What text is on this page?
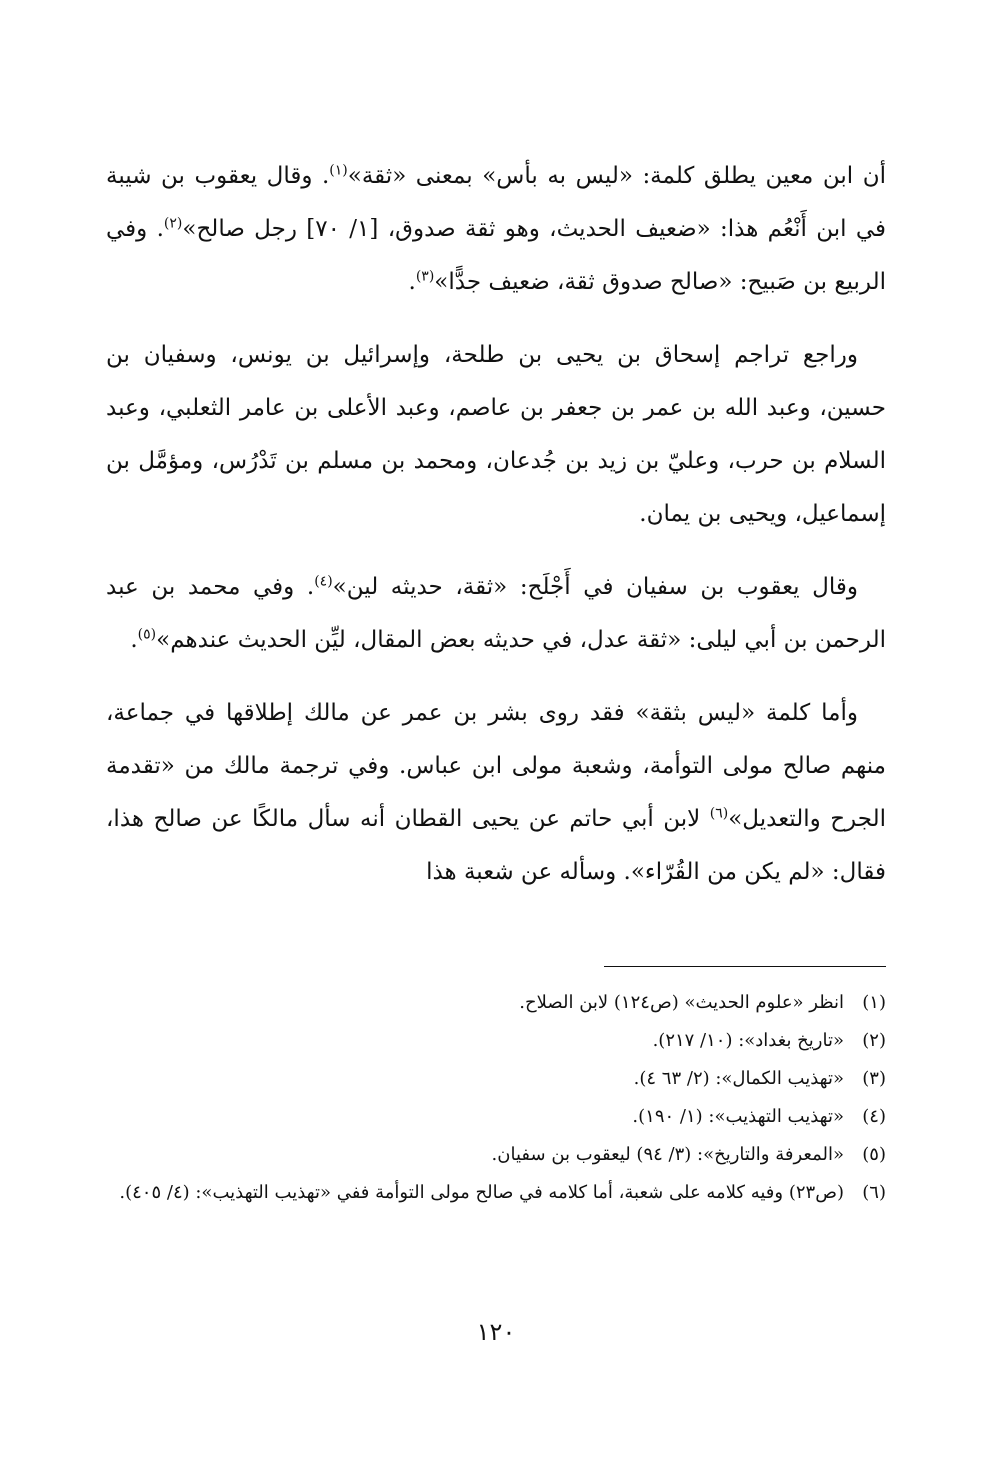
أن ابن معين يطلق كلمة: «ليس به بأس» بمعنى «ثقة»$^{(١)}$. وقال يعقوب بن شيبة في ابن أَنْعُم هذا: «ضعيف الحديث، وهو ثقة صدوق، [١/ ٧٠] رجل صالح»$^{(٢)}$. وفي الربيع بن صَبيح: «صالح صدوق ثقة، ضعيف جدًّا»$^{(٣)}$.

وراجع تراجم إسحاق بن يحيى بن طلحة، وإسرائيل بن يونس، وسفيان بن حسين، وعبد الله بن عمر بن جعفر بن عاصم، وعبد الأعلى بن عامر الثعلبي، وعبد السلام بن حرب، وعليّ بن زيد بن جُدعان، ومحمد بن مسلم بن تَدْرُس، ومؤمَّل بن إسماعيل، ويحيى بن يمان.

وقال يعقوب بن سفيان في أَجْلَح: «ثقة، حديثه لين»$^{(٤)}$. وفي محمد بن عبد الرحمن بن أبي ليلى: «ثقة عدل، في حديثه بعض المقال، ليِّن الحديث عندهم»$^{(٥)}$.

وأما كلمة «ليس بثقة» فقد روى بشر بن عمر عن مالك إطلاقها في جماعة، منهم صالح مولى التوأمة، وشعبة مولى ابن عباس. وفي ترجمة مالك من «تقدمة الجرح والتعديل»$^{(٦)}$ لابن أبي حاتم عن يحيى القطان أنه سأل مالكًا عن صالح هذا، فقال: «لم يكن من القُرّاء». وسأله عن شعبة هذا

(١)
انظر «علوم الحديث» (ص١٢٤) لابن الصلاح.
(٢)
«تاريخ بغداد»: (١٠/ ٢١٧).
(٣)
«تهذيب الكمال»: (٢/ ٦٣ ٤).
(٤)
«تهذيب التهذيب»: (١/ ١٩٠).
(٥)
«المعرفة والتاريخ»: (٣/ ٩٤) ليعقوب بن سفيان.
(٦)
(ص٢٣) وفيه كلامه على شعبة، أما كلامه في صالح مولى التوأمة ففي «تهذيب التهذيب»: (٤/ ٤٠٥).
١٢٠
